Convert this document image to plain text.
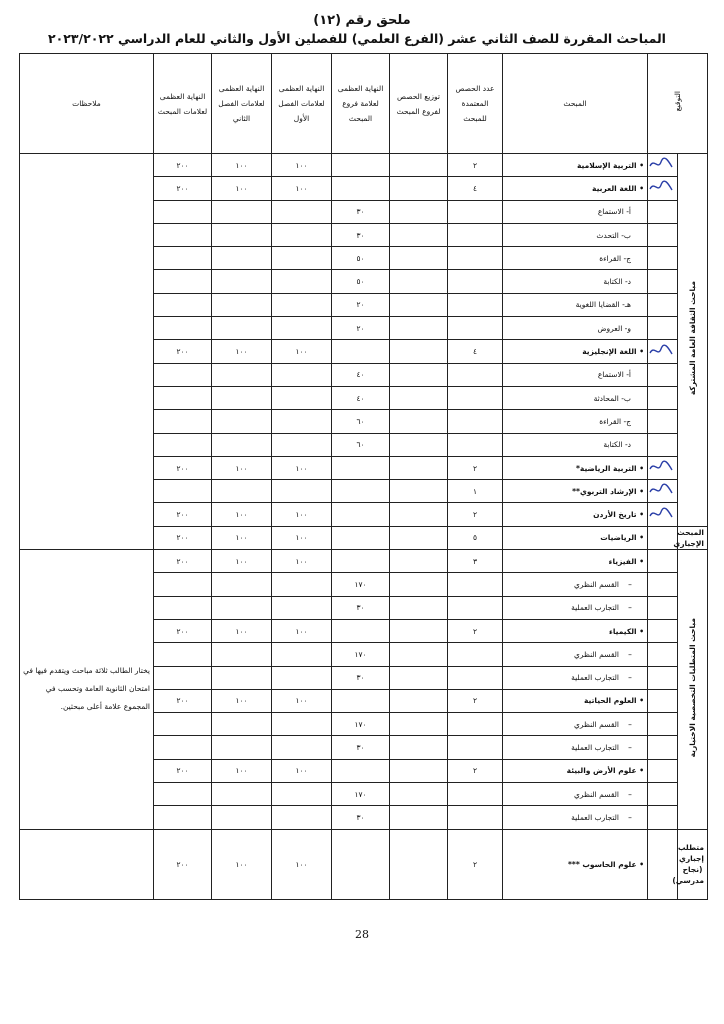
ملحق رقم (١٢)
المباحث المقررة للصف الثاني عشر (الفرع العلمي) للفصلين الأول والثاني للعام الدراسي ٢٠٢٣/٢٠٢٢
التوقيع		المبحث	عدد الحصص المعتمدة للمبحث	توزيع الحصص لفروع المبحث	النهاية العظمى لعلامة فروع المبحث	النهاية العظمى لعلامات الفصل الأول	النهاية العظمى لعلامات الفصل الثاني	النهاية العظمى لعلامات المبحث	ملاحظات
مباحث الثقافة العامة المشتركة		• التربية الإسلامية	٢			١٠٠	١٠٠	٢٠٠	
	• اللغة العربية	٤			١٠٠	١٠٠	٢٠٠	
		أ- الاستماع			٣٠				
		ب- التحدث			٣٠				
		ج- القراءة			٥٠				
		د- الكتابة			٥٠				
		هـ- القضايا اللغوية			٢٠				
		و- العروض			٢٠				
	• اللغة الإنجليزية	٤			١٠٠	١٠٠	٢٠٠	
		أ- الاستماع			٤٠				
		ب- المحادثة			٤٠				
		ج- القراءة			٦٠				
		د- الكتابة			٦٠				
	• التربية الرياضية*	٢			١٠٠	١٠٠	٢٠٠	
	• الإرشاد التربوي**	١						
	• تاريخ الأردن	٢			١٠٠	١٠٠	٢٠٠	
المبحث الإجباري		• الرياضيات	٥			١٠٠	١٠٠	٢٠٠	
مباحث المتطلبات التخصصية الاختيارية		• الفيزياء	٣			١٠٠	١٠٠	٢٠٠	يختار الطالب ثلاثة مباحث ويتقدم فيها في امتحان الثانوية العامة وتحسب في المجموع علامة أعلى مبحثين.
		–القسم النظري			١٧٠				
		–التجارب العملية			٣٠				
		• الكيمياء	٢			١٠٠	١٠٠	٢٠٠	
		–القسم النظري			١٧٠				
		–التجارب العملية			٣٠				
		• العلوم الحياتية	٢			١٠٠	١٠٠	٢٠٠	
		–القسم النظري			١٧٠				
		–التجارب العملية			٣٠				
		• علوم الأرض والبيئة	٢			١٠٠	١٠٠	٢٠٠	
		–القسم النظري			١٧٠				
		–التجارب العملية			٣٠				
متطلب إجباري (نجاح مدرسي)		• علوم الحاسوب ***	٢			١٠٠	١٠٠	٢٠٠	
28
